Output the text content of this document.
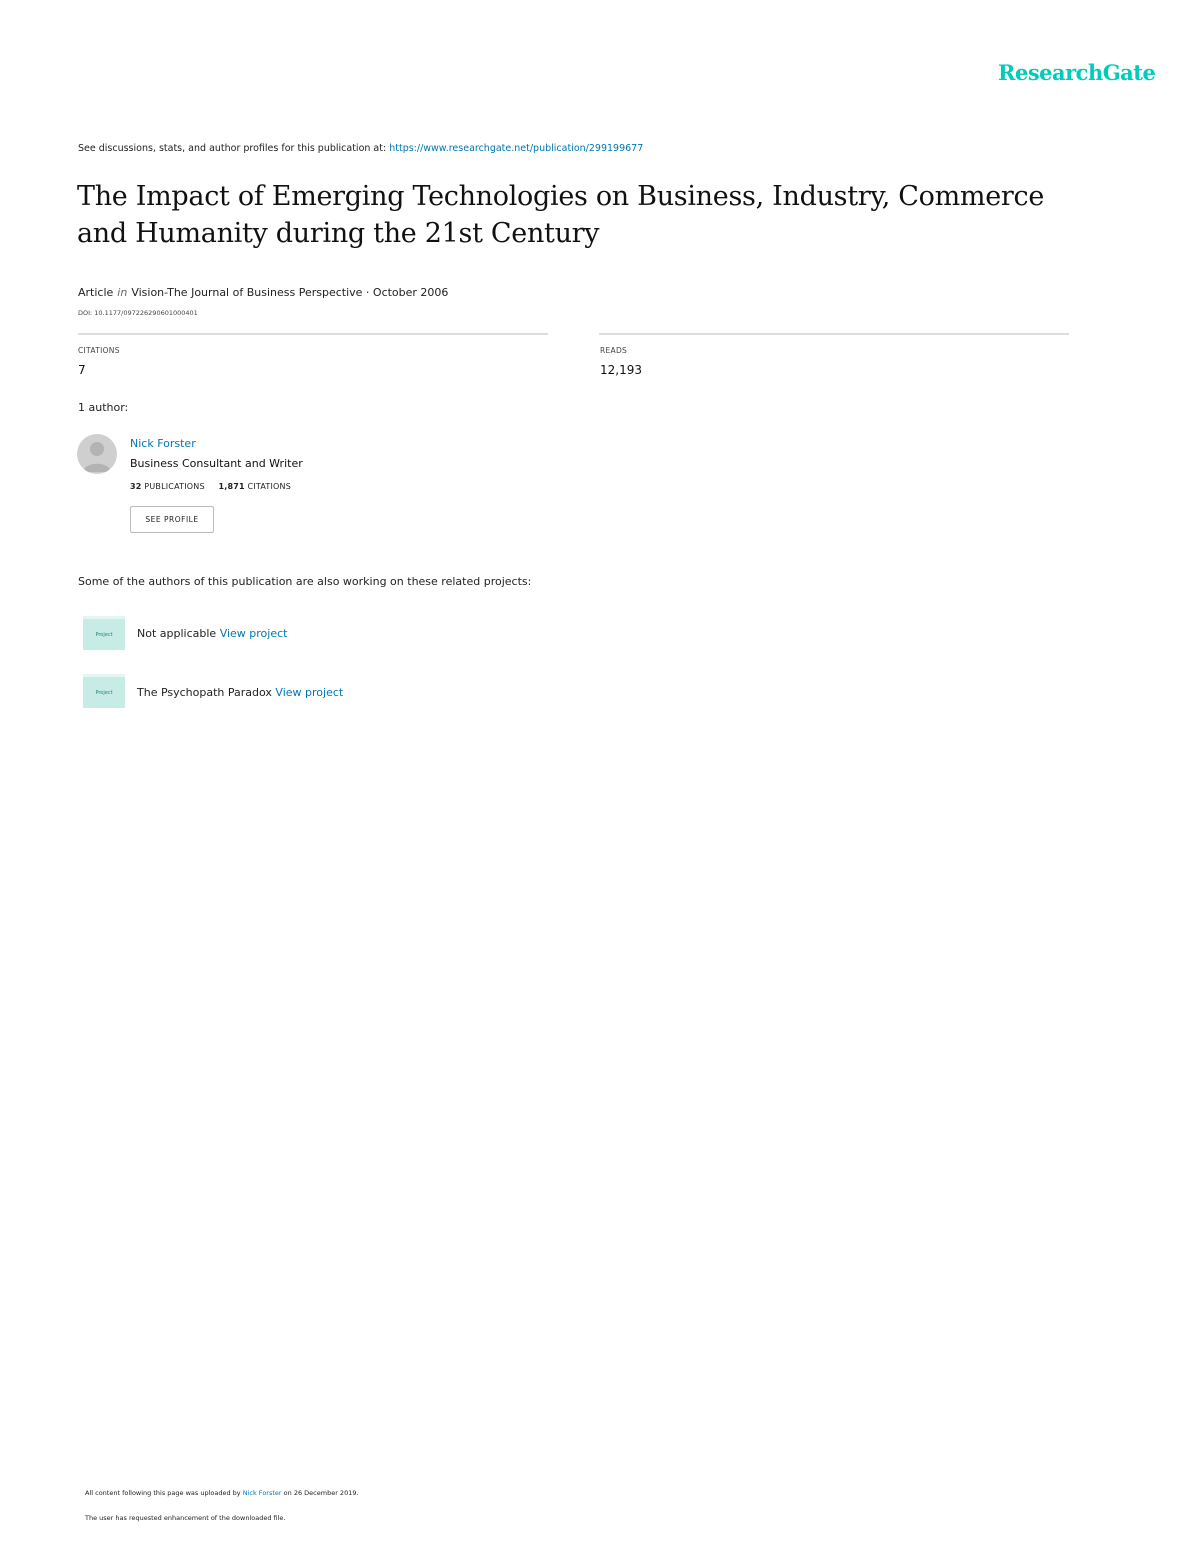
ResearchGate
See discussions, stats, and author profiles for this publication at: https://www.researchgate.net/publication/299199677
The Impact of Emerging Technologies on Business, Industry, Commerce and Humanity during the 21st Century
Article in Vision-The Journal of Business Perspective · October 2006
DOI: 10.1177/097226290601000401
CITATIONS
7
READS
12,193
1 author:
Nick Forster
Business Consultant and Writer
32 PUBLICATIONS 1,871 CITATIONS
SEE PROFILE
Some of the authors of this publication are also working on these related projects:
Project Not applicable View project
Project The Psychopath Paradox View project
All content following this page was uploaded by Nick Forster on 26 December 2019.
The user has requested enhancement of the downloaded file.
